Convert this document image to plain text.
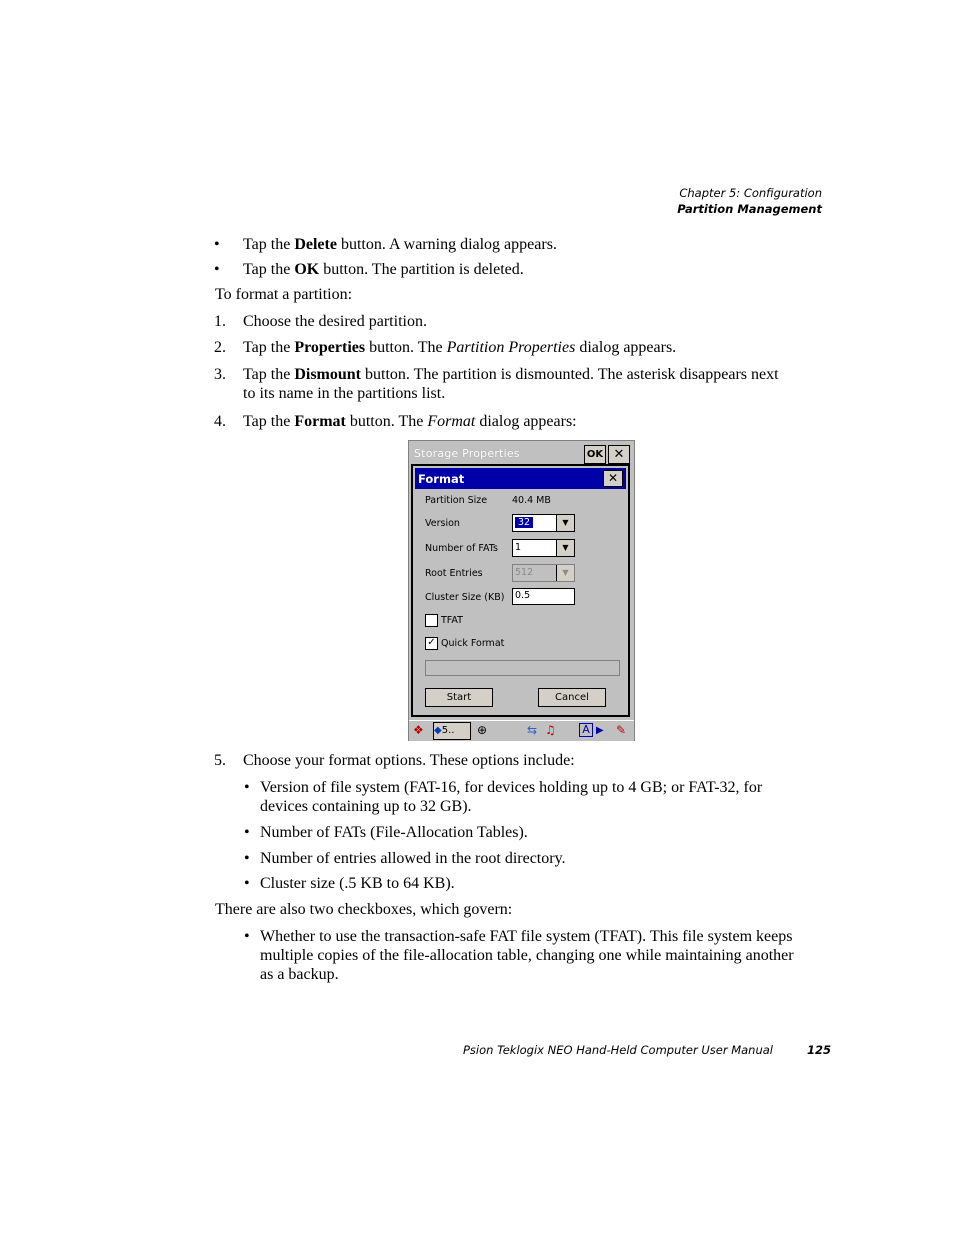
Chapter 5: Configuration
Partition Management
• Tap the Delete button. A warning dialog appears.
• Tap the OK button. The partition is deleted.
To format a partition:
1. Choose the desired partition.
2. Tap the Properties button. The Partition Properties dialog appears.
3. Tap the Dismount button. The partition is dismounted. The asterisk disappears next
to its name in the partitions list.
4. Tap the Format button. The Format dialog appears:
Storage Properties	OK ✕
Format	✕
Partition Size	40.4 MB
Version	32	▼
Number of FATs 1	▼
Root Entries	512	▼
Cluster Size (KB)	0.5
TFAT
✓ Quick Format
Start	Cancel
❖ ◆5..	⊕	⇆ ♫ A ▶ ✎
5. Choose your format options. These options include:
• Version of file system (FAT-16, for devices holding up to 4 GB; or FAT-32, for
devices containing up to 32 GB).
• Number of FATs (File-Allocation Tables).
• Number of entries allowed in the root directory.
• Cluster size (.5 KB to 64 KB).
There are also two checkboxes, which govern:
• Whether to use the transaction-safe FAT file system (TFAT). This file system keeps
multiple copies of the file-allocation table, changing one while maintaining another
as a backup.
Psion Teklogix NEO Hand-Held Computer User Manual	125
